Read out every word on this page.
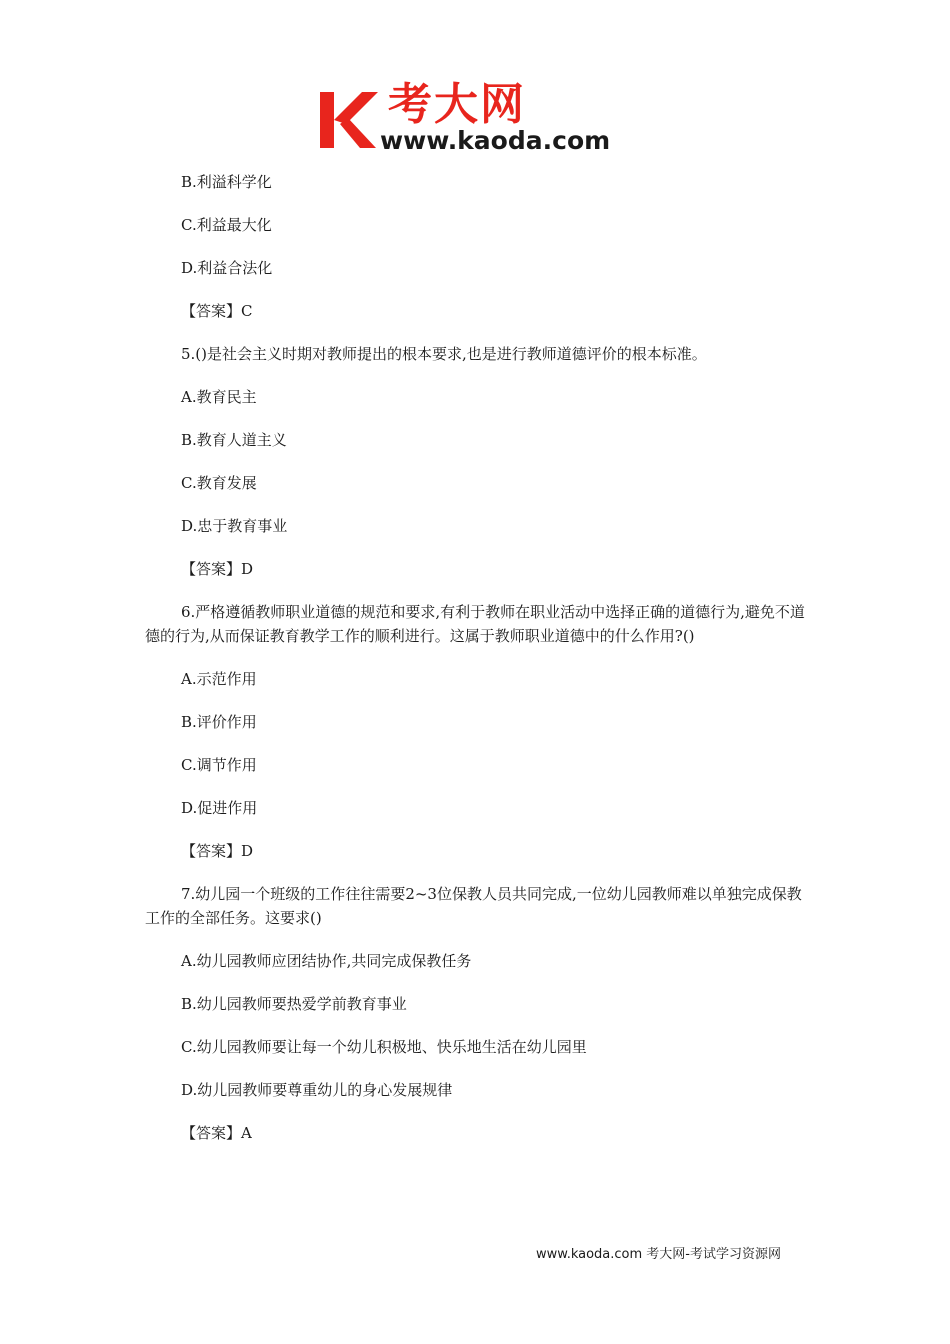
考大网
www.kaoda.com

B.利溢科学化

C.利益最大化

D.利益合法化

【答案】C

5.()是社会主义时期对教师提出的根本要求,也是进行教师道德评价的根本标准。

A.教育民主

B.教育人道主义

C.教育发展

D.忠于教育事业

【答案】D

6.严格遵循教师职业道德的规范和要求,有利于教师在职业活动中选择正确的道德行为,避免不道德的行为,从而保证教育教学工作的顺利进行。这属于教师职业道德中的什么作用?()

A.示范作用

B.评价作用

C.调节作用

D.促进作用

【答案】D

7.幼儿园一个班级的工作往往需要2~3位保教人员共同完成,一位幼儿园教师难以单独完成保教工作的全部任务。这要求()

A.幼儿园教师应团结协作,共同完成保教任务

B.幼儿园教师要热爱学前教育事业

C.幼儿园教师要让每一个幼儿积极地、快乐地生活在幼儿园里

D.幼儿园教师要尊重幼儿的身心发展规律

【答案】A

www.kaoda.com 考大网-考试学习资源网
